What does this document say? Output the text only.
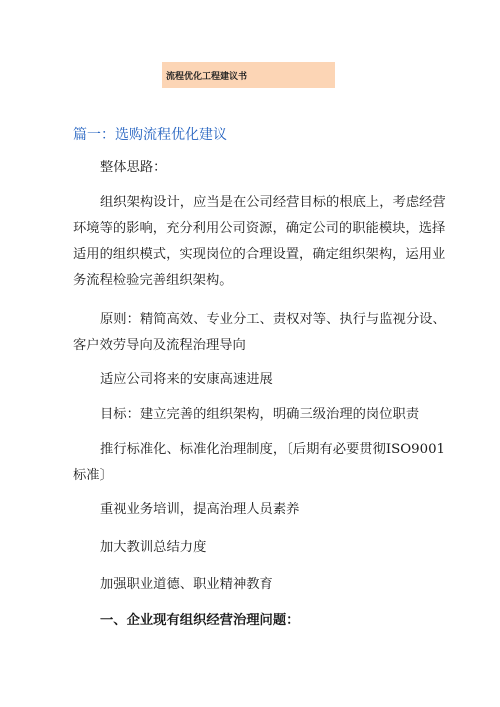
流程优化工程建议书
篇一：选购流程优化建议
整体思路：
组织架构设计，应当是在公司经营目标的根底上，考虑经营
环境等的影响，充分利用公司资源，确定公司的职能模块，选择
适用的组织模式，实现岗位的合理设置，确定组织架构，运用业
务流程检验完善组织架构。
原则：精简高效、专业分工、责权对等、执行与监视分设、
客户效劳导向及流程治理导向
适应公司将来的安康高速进展
目标：建立完善的组织架构，明确三级治理的岗位职责
推行标准化、标准化治理制度，〔后期有必要贯彻ISO9001
标准〕
重视业务培训，提高治理人员素养
加大教训总结力度
加强职业道德、职业精神教育
一、企业现有组织经营治理问题：
